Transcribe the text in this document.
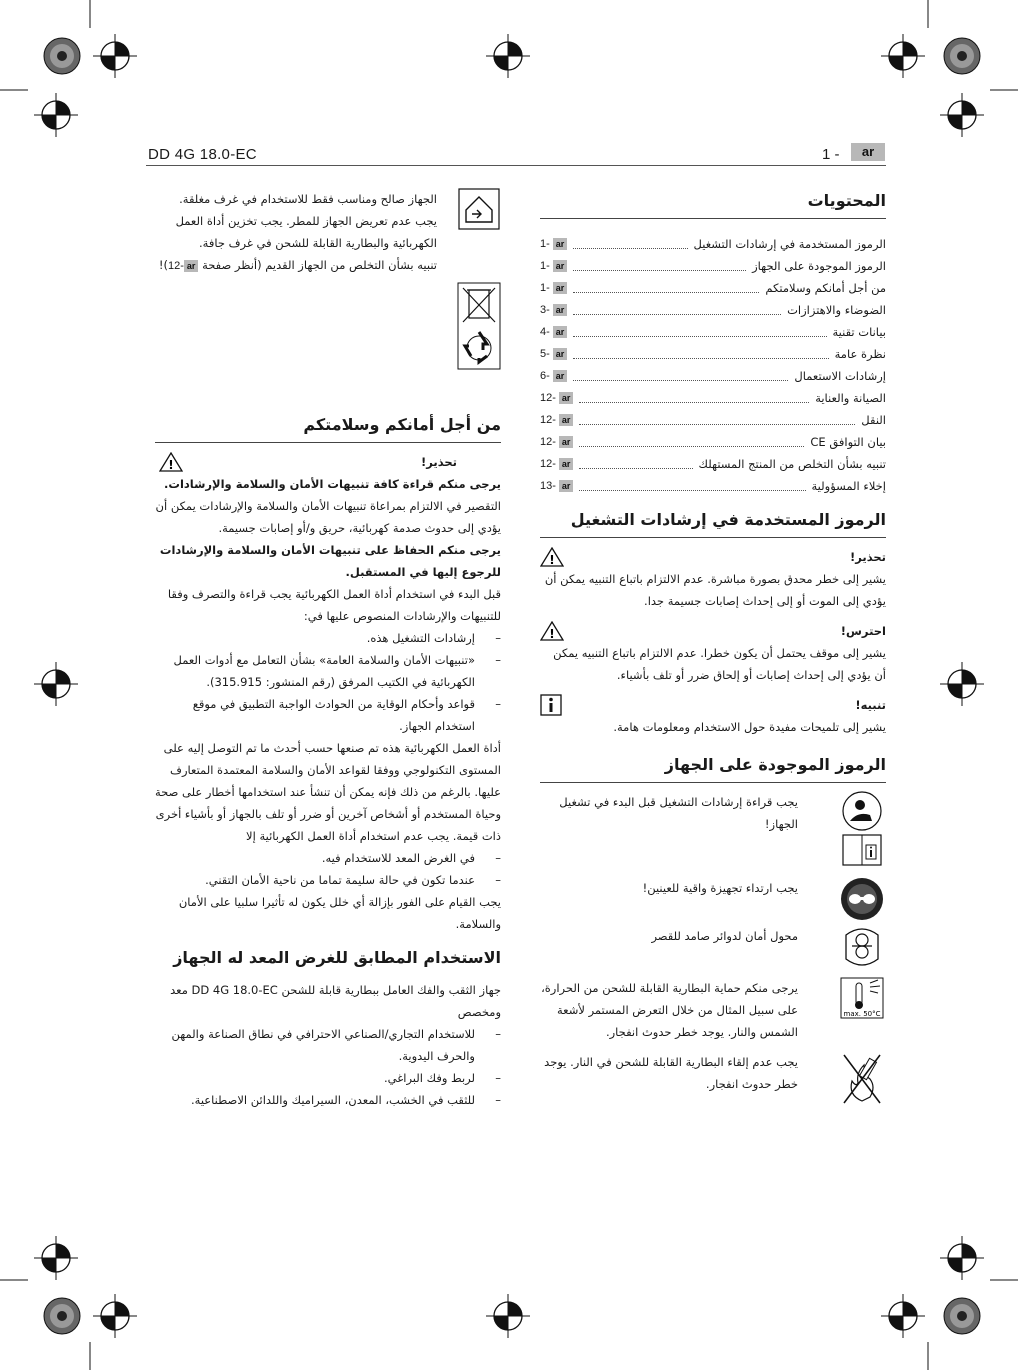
DD 4G 18.0-EC	1 -	ar
المحتويات
الرموز المستخدمة في إرشادات التشغيل
1- ar
الرموز الموجودة على الجهاز
1- ar
من أجل أمانكم وسلامتكم
1- ar
الضوضاء والاهتزازات
3- ar
بيانات تقنية
4- ar
نظرة عامة
5- ar
إرشادات الاستعمال
6- ar
الصيانة والعناية
12- ar
النقل
12- ar
بيان التوافق CE
12- ar
تنبيه بشأن التخلص من المنتج المستهلك
12- ar
إخلاء المسؤولية
13- ar
الرموز المستخدمة في إرشادات التشغيل
تحذير!
!

يشير إلى خطر محدق بصورة مباشرة. عدم الالتزام باتباع التنبيه يمكن أن يؤدي إلى الموت أو إلى إحداث إصابات جسيمة جدا.

احترس!
!

يشير إلى موقف يحتمل أن يكون خطرا. عدم الالتزام باتباع التنبيه يمكن أن يؤدي إلى إحداث إصابات أو إلحاق ضرر أو تلف بأشياء.

تنبيه!

يشير إلى تلميحات مفيدة حول الاستخدام ومعلومات هامة.

الرموز الموجودة على الجهاز
يجب قراءة إرشادات التشغيل قبل البدء في تشغيل الجهاز!
يجب ارتداء تجهيزة واقية للعينين!
محول أمان لدوائر صامد للقصر
max. 50°C
يرجى منكم حماية البطارية القابلة للشحن من الحرارة، على سبيل المثال من خلال التعرض المستمر لأشعة الشمس والنار. يوجد خطر حدوث انفجار.
يجب عدم إلقاء البطارية القابلة للشحن في النار. يوجد خطر حدوث انفجار.

الجهاز صالح ومناسب فقط للاستخدام في غرف مغلقة. يجب عدم تعريض الجهاز للمطر. يجب تخزين أداة العمل الكهربائية والبطارية القابلة للشحن في غرف جافة.

تنبيه بشأن التخلص من الجهاز القديم (أنظر صفحة ar12-)!

من أجل أمانكم وسلامتكم
تحذير!
!

يرجى منكم قراءة كافة تنبيهات الأمان والسلامة والإرشادات.

التقصير في الالتزام بمراعاة تنبيهات الأمان والسلامة والإرشادات يمكن أن يؤدي إلى حدوث صدمة كهربائية، حريق و/أو إصابات جسيمة.

يرجى منكم الحفاظ على تنبيهات الأمان والسلامة والإرشادات للرجوع إليها في المستقبل.

قبل البدء في استخدام أداة العمل الكهربائية يجب قراءة والتصرف وفقا للتنبيهات والإرشادات المنصوص عليها في:

– إرشادات التشغيل هذه.
– «تنبيهات الأمان والسلامة العامة» بشأن التعامل مع أدوات العمل الكهربائية في الكتيب المرفق (رقم المنشور: 315.915).
– قواعد وأحكام الوقاية من الحوادث الواجبة التطبيق في موقع استخدام الجهاز.

أداة العمل الكهربائية هذه تم صنعها حسب أحدث ما تم التوصل إليه على المستوى التكنولوجي ووفقا لقواعد الأمان والسلامة المعتمدة المتعارف عليها. بالرغم من ذلك فإنه يمكن أن تنشأ عند استخدامها أخطار على صحة وحياة المستخدم أو أشخاص آخرين أو ضرر أو تلف بالجهاز أو بأشياء أخرى ذات قيمة. يجب عدم استخدام أداة العمل الكهربائية إلا

– في الغرض المعد للاستخدام فيه.
– عندما تكون في حالة سليمة تماما من ناحية الأمان التقني.

يجب القيام على الفور بإزالة أي خلل يكون له تأثيرا سلبيا على الأمان والسلامة.

الاستخدام المطابق للغرض المعد له الجهاز

جهاز الثقب والفك العامل ببطارية قابلة للشحن DD 4G 18.0-EC معد ومخصص

– للاستخدام التجاري/الصناعي الاحترافي في نطاق الصناعة والمهن والحرف اليدوية.
– لربط وفك البراغي.
– للثقب في الخشب، المعدن، السيراميك واللدائن الاصطناعية.
